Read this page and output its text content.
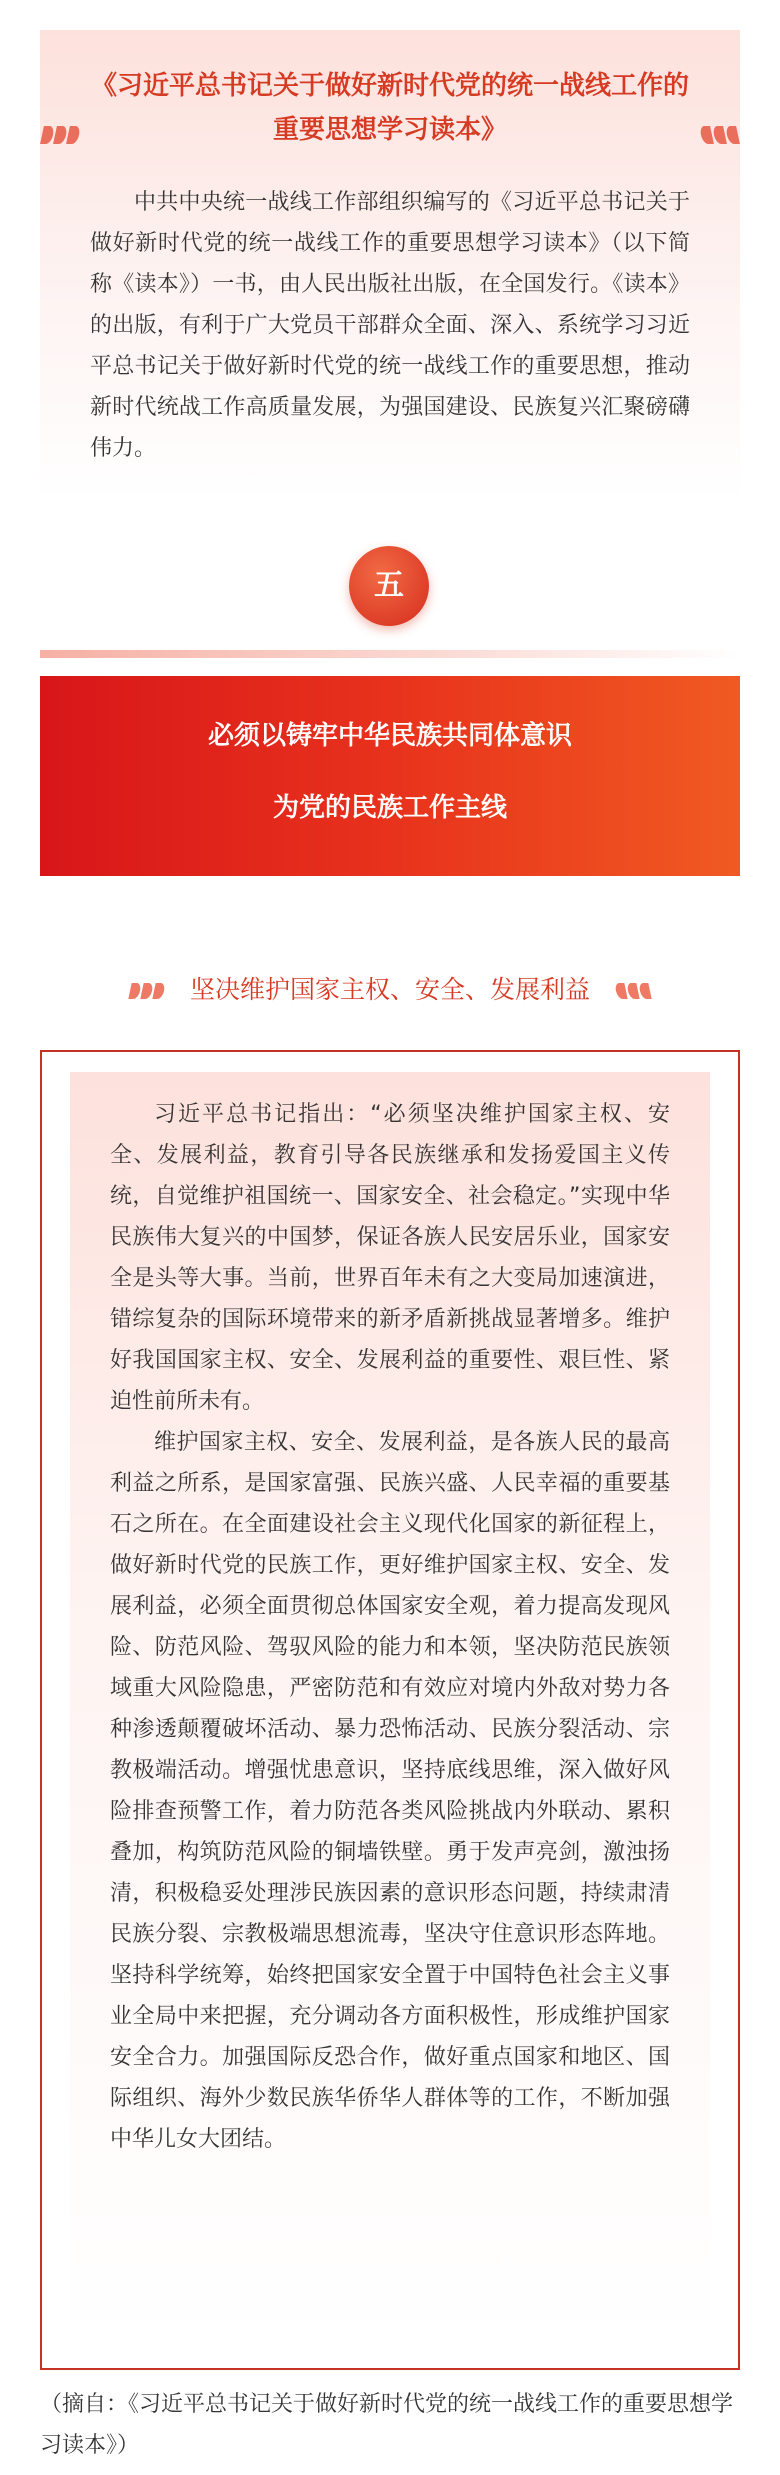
《习近平总书记关于做好新时代党的统一战线工作的重要思想学习读本》

中共中央统一战线工作部组织编写的《习近平总书记关于做好新时代党的统一战线工作的重要思想学习读本》（以下简称《读本》）一书，由人民出版社出版，在全国发行。《读本》的出版，有利于广大党员干部群众全面、深入、系统学习习近平总书记关于做好新时代党的统一战线工作的重要思想，推动新时代统战工作高质量发展，为强国建设、民族复兴汇聚磅礴伟力。

五
必须以铸牢中华民族共同体意识
为党的民族工作主线
坚决维护国家主权、安全、发展利益

习近平总书记指出：“必须坚决维护国家主权、安全、发展利益，教育引导各民族继承和发扬爱国主义传统，自觉维护祖国统一、国家安全、社会稳定。”实现中华民族伟大复兴的中国梦，保证各族人民安居乐业，国家安全是头等大事。当前，世界百年未有之大变局加速演进，错综复杂的国际环境带来的新矛盾新挑战显著增多。维护好我国国家主权、安全、发展利益的重要性、艰巨性、紧迫性前所未有。

维护国家主权、安全、发展利益，是各族人民的最高利益之所系，是国家富强、民族兴盛、人民幸福的重要基石之所在。在全面建设社会主义现代化国家的新征程上，做好新时代党的民族工作，更好维护国家主权、安全、发展利益，必须全面贯彻总体国家安全观，着力提高发现风险、防范风险、驾驭风险的能力和本领，坚决防范民族领域重大风险隐患，严密防范和有效应对境内外敌对势力各种渗透颠覆破坏活动、暴力恐怖活动、民族分裂活动、宗教极端活动。增强忧患意识，坚持底线思维，深入做好风险排查预警工作，着力防范各类风险挑战内外联动、累积叠加，构筑防范风险的铜墙铁壁。勇于发声亮剑，激浊扬清，积极稳妥处理涉民族因素的意识形态问题，持续肃清民族分裂、宗教极端思想流毒，坚决守住意识形态阵地。坚持科学统筹，始终把国家安全置于中国特色社会主义事业全局中来把握，充分调动各方面积极性，形成维护国家安全合力。加强国际反恐合作，做好重点国家和地区、国际组织、海外少数民族华侨华人群体等的工作，不断加强中华儿女大团结。

（摘自：《习近平总书记关于做好新时代党的统一战线工作的重要思想学习读本》）
